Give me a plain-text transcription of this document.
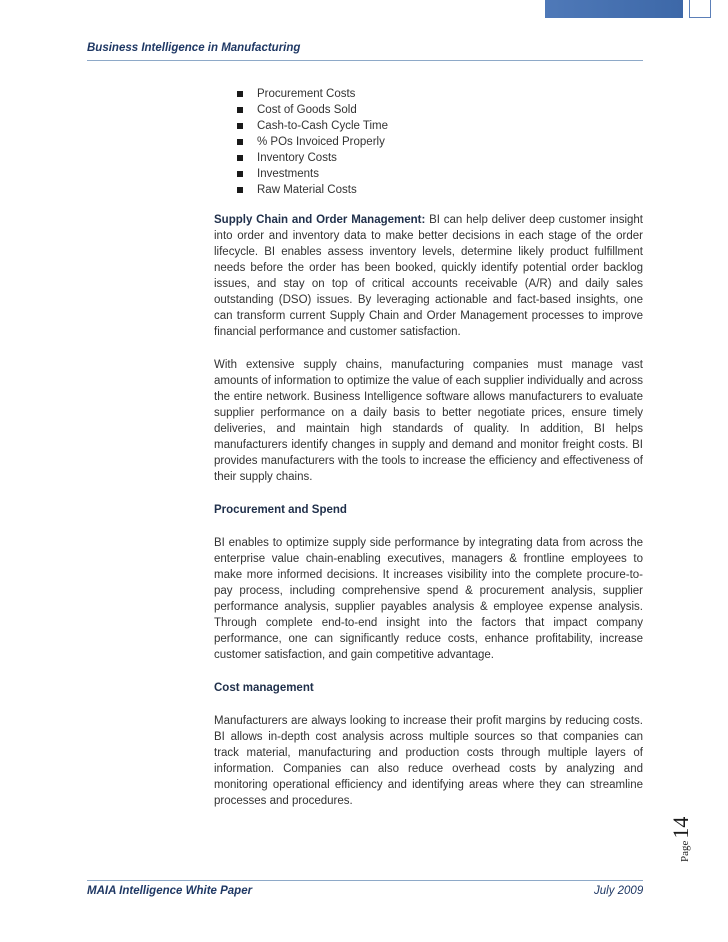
Business Intelligence in Manufacturing
Procurement Costs
Cost of Goods Sold
Cash-to-Cash Cycle Time
% POs Invoiced Properly
Inventory Costs
Investments
Raw Material Costs

Supply Chain and Order Management: BI can help deliver deep customer insight into order and inventory data to make better decisions in each stage of the order lifecycle. BI enables assess inventory levels, determine likely product fulfillment needs before the order has been booked, quickly identify potential order backlog issues, and stay on top of critical accounts receivable (A/R) and daily sales outstanding (DSO) issues. By leveraging actionable and fact-based insights, one can transform current Supply Chain and Order Management processes to improve financial performance and customer satisfaction.

With extensive supply chains, manufacturing companies must manage vast amounts of information to optimize the value of each supplier individually and across the entire network. Business Intelligence software allows manufacturers to evaluate supplier performance on a daily basis to better negotiate prices, ensure timely deliveries, and maintain high standards of quality. In addition, BI helps manufacturers identify changes in supply and demand and monitor freight costs. BI provides manufacturers with the tools to increase the efficiency and effectiveness of their supply chains.

Procurement and Spend

BI enables to optimize supply side performance by integrating data from across the enterprise value chain-enabling executives, managers & frontline employees to make more informed decisions. It increases visibility into the complete procure-to-pay process, including comprehensive spend & procurement analysis, supplier performance analysis, supplier payables analysis & employee expense analysis. Through complete end-to-end insight into the factors that impact company performance, one can significantly reduce costs, enhance profitability, increase customer satisfaction, and gain competitive advantage.

Cost management

Manufacturers are always looking to increase their profit margins by reducing costs. BI allows in-depth cost analysis across multiple sources so that companies can track material, manufacturing and production costs through multiple layers of information. Companies can also reduce overhead costs by analyzing and monitoring operational efficiency and identifying areas where they can streamline processes and procedures.

Page14
MAIA Intelligence White Paper	July 2009
